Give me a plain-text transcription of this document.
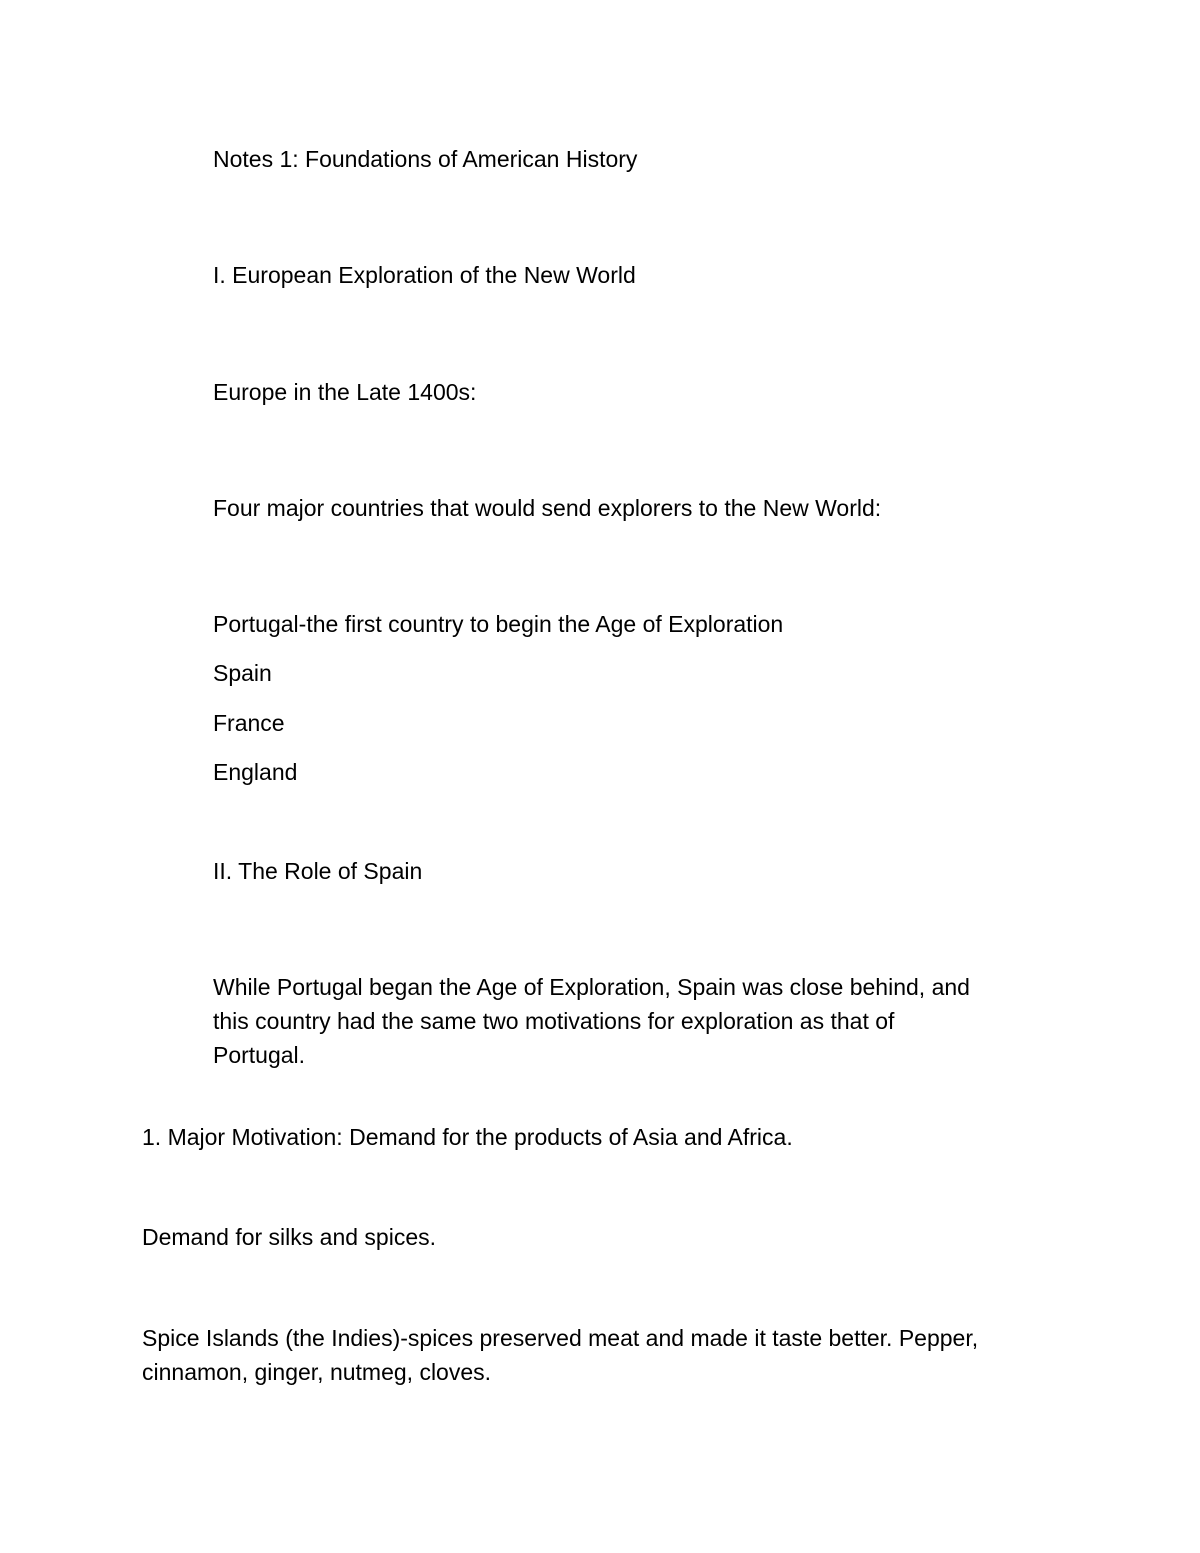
Notes 1: Foundations of American History

I. European Exploration of the New World

Europe in the Late 1400s:

Four major countries that would send explorers to the New World:

Portugal-the first country to begin the Age of Exploration

Spain

France

England

II. The Role of Spain

While Portugal began the Age of Exploration, Spain was close behind, and
this country had the same two motivations for exploration as that of
Portugal.

1. Major Motivation: Demand for the products of Asia and Africa.

Demand for silks and spices.

Spice Islands (the Indies)-spices preserved meat and made it taste better. Pepper,
cinnamon, ginger, nutmeg, cloves.
